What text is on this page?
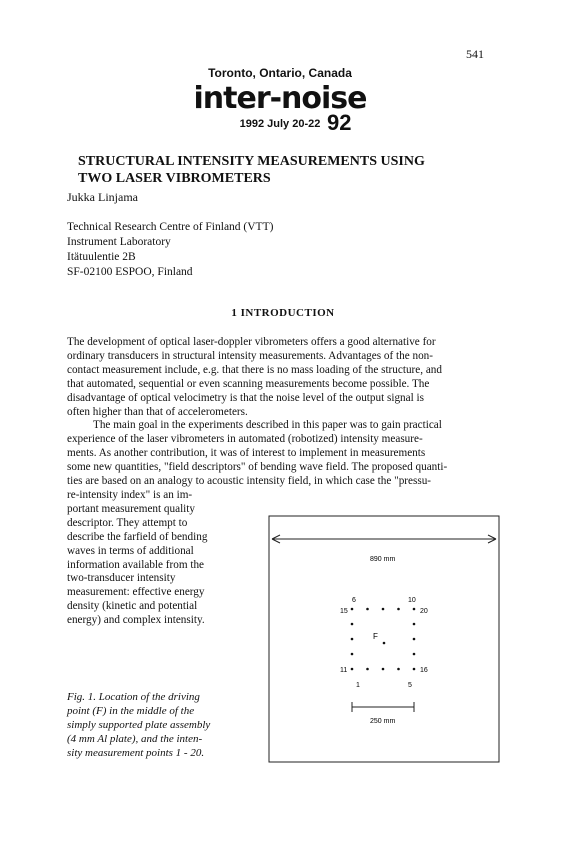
541
Toronto, Ontario, Canada
inter-noise
1992 July 20-22 92
STRUCTURAL INTENSITY MEASUREMENTS USING
TWO LASER VIBROMETERS
Jukka Linjama
Technical Research Centre of Finland (VTT)
Instrument Laboratory
Itätuulentie 2B
SF-02100 ESPOO, Finland
1 INTRODUCTION
The development of optical laser-doppler vibrometers offers a good alternative for
ordinary transducers in structural intensity measurements. Advantages of the non-
contact measurement include, e.g. that there is no mass loading of the structure, and
that automated, sequential or even scanning measurements become possible. The
disadvantage of optical velocimetry is that the noise level of the output signal is
often higher than that of accelerometers.
The main goal in the experiments described in this paper was to gain practical
experience of the laser vibrometers in automated (robotized) intensity measure-
ments. As another contribution, it was of interest to implement in measurements
some new quantities, "field descriptors" of bending wave field. The proposed quanti-
ties are based on an analogy to acoustic intensity field, in which case the "pressu-
re-intensity index" is an im-
portant measurement quality
descriptor. They attempt to
describe the farfield of bending
waves in terms of additional
information available from the
two-transducer intensity
measurement: effective energy
density (kinetic and potential
energy) and complex intensity.
Fig. 1. Location of the driving
point (F) in the middle of the
simply supported plate assembly
(4 mm Al plate), and the inten-
sity measurement points 1 - 20.
890 mm
6	10
15	20
11	16
1	5
F
250 mm
